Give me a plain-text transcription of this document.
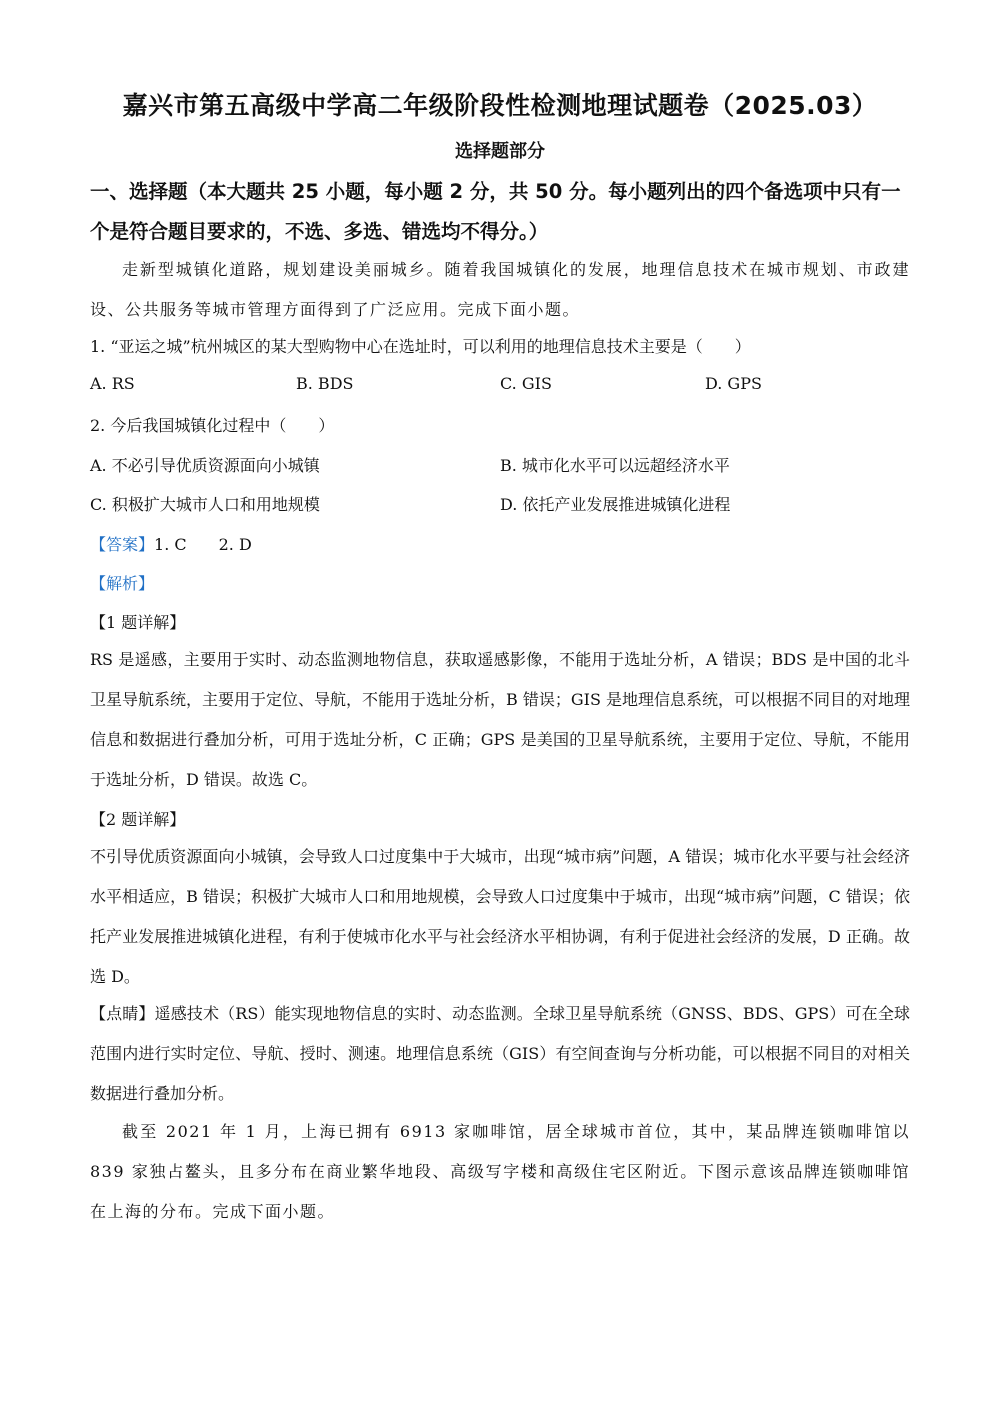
嘉兴市第五高级中学高二年级阶段性检测地理试题卷（2025.03）
选择题部分
一、选择题（本大题共 25 小题，每小题 2 分，共 50 分。每小题列出的四个备选项中只有一个是符合题目要求的，不选、多选、错选均不得分。）
走新型城镇化道路，规划建设美丽城乡。随着我国城镇化的发展，地理信息技术在城市规划、市政建设、公共服务等城市管理方面得到了广泛应用。完成下面小题。
1. “亚运之城”杭州城区的某大型购物中心在选址时，可以利用的地理信息技术主要是（　　）
A. RS	B. BDS	C. GIS	D. GPS
2. 今后我国城镇化过程中（　　）
A. 不必引导优质资源面向小城镇	B. 城市化水平可以远超经济水平
C. 积极扩大城市人口和用地规模	D. 依托产业发展推进城镇化进程
【答案】1. C　　2. D
【解析】
【1 题详解】
RS 是遥感，主要用于实时、动态监测地物信息，获取遥感影像，不能用于选址分析，A 错误；BDS 是中国的北斗卫星导航系统，主要用于定位、导航，不能用于选址分析，B 错误；GIS 是地理信息系统，可以根据不同目的对地理信息和数据进行叠加分析，可用于选址分析，C 正确；GPS 是美国的卫星导航系统，主要用于定位、导航，不能用于选址分析，D 错误。故选 C。
【2 题详解】
不引导优质资源面向小城镇，会导致人口过度集中于大城市，出现“城市病”问题，A 错误；城市化水平要与社会经济水平相适应，B 错误；积极扩大城市人口和用地规模，会导致人口过度集中于城市，出现“城市病”问题，C 错误；依托产业发展推进城镇化进程，有利于使城市化水平与社会经济水平相协调，有利于促进社会经济的发展，D 正确。故选 D。
【点睛】遥感技术（RS）能实现地物信息的实时、动态监测。全球卫星导航系统（GNSS、BDS、GPS）可在全球范围内进行实时定位、导航、授时、测速。地理信息系统（GIS）有空间查询与分析功能，可以根据不同目的对相关数据进行叠加分析。
截至 2021 年 1 月，上海已拥有 6913 家咖啡馆，居全球城市首位，其中，某品牌连锁咖啡馆以 839 家独占鳌头，且多分布在商业繁华地段、高级写字楼和高级住宅区附近。下图示意该品牌连锁咖啡馆在上海的分布。完成下面小题。
